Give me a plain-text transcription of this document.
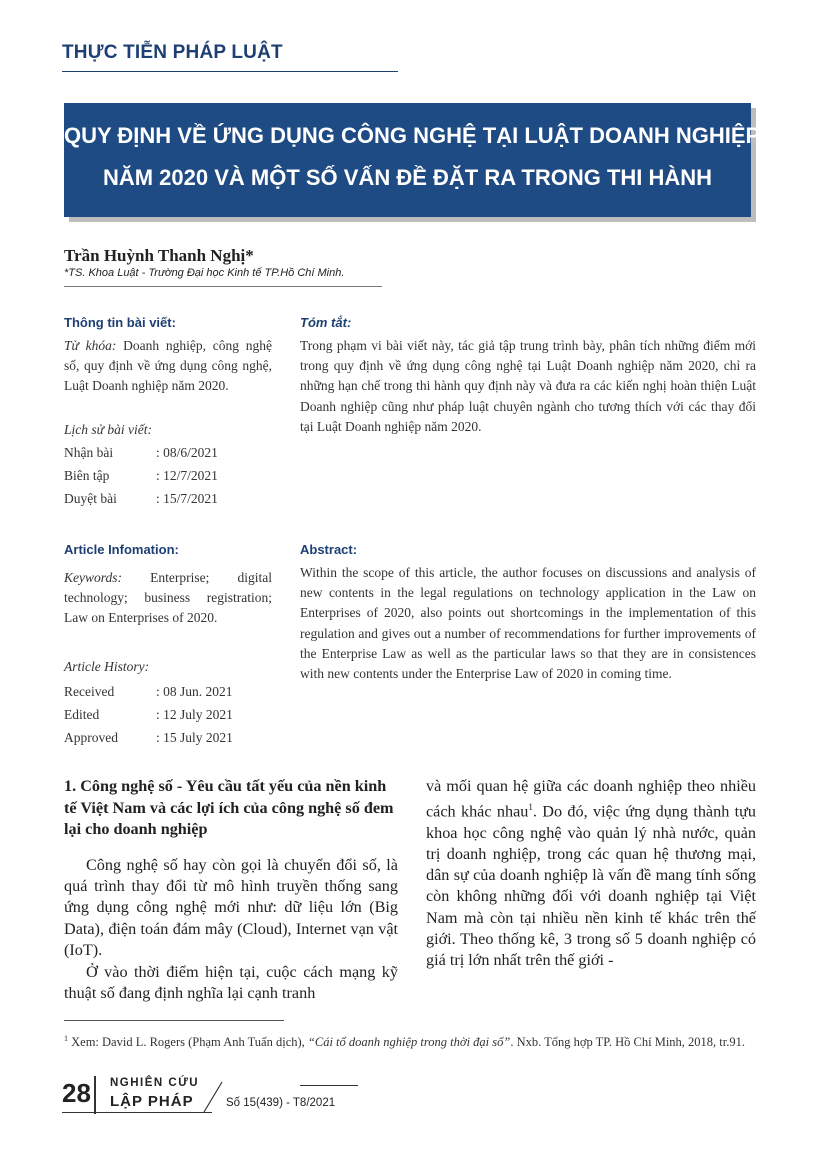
THỰC TIỄN PHÁP LUẬT
QUY ĐỊNH VỀ ỨNG DỤNG CÔNG NGHỆ TẠI LUẬT DOANH NGHIỆP
NĂM 2020 VÀ MỘT SỐ VẤN ĐỀ ĐẶT RA TRONG THI HÀNH
Trần Huỳnh Thanh Nghị*
*TS. Khoa Luật - Trường Đại học Kinh tế TP.Hồ Chí Minh.
Thông tin bài viết:
Từ khóa: Doanh nghiệp, công nghệ số, quy định về ứng dụng công nghệ, Luật Doanh nghiệp năm 2020.
Lịch sử bài viết:
Nhận bài	: 08/6/2021
Biên tập	: 12/7/2021
Duyệt bài	: 15/7/2021
Tóm tắt:
Trong phạm vi bài viết này, tác giả tập trung trình bày, phân tích những điểm mới trong quy định về ứng dụng công nghệ tại Luật Doanh nghiệp năm 2020, chỉ ra những hạn chế trong thi hành quy định này và đưa ra các kiến nghị hoàn thiện Luật Doanh nghiệp cũng như pháp luật chuyên ngành cho tương thích với các thay đổi tại Luật Doanh nghiệp năm 2020.
Article Infomation:
Keywords: Enterprise; digital technology; business registration; Law on Enterprises of 2020.
Article History:
Received	: 08 Jun. 2021
Edited	: 12 July 2021
Approved	: 15 July 2021
Abstract:
Within the scope of this article, the author focuses on discussions and analysis of new contents in the legal regulations on technology application in the Law on Enterprises of 2020, also points out shortcomings in the implementation of this regulation and gives out a number of recommendations for further improvements of the Enterprise Law as well as the particular laws so that they are in consistences with new contents under the Enterprise Law of 2020 in coming time.
1. Công nghệ số - Yêu cầu tất yếu của nền kinh tế Việt Nam và các lợi ích của công nghệ số đem lại cho doanh nghiệp
Công nghệ số hay còn gọi là chuyển đổi số, là quá trình thay đổi từ mô hình truyền thống sang ứng dụng công nghệ mới như: dữ liệu lớn (Big Data), điện toán đám mây (Cloud), Internet vạn vật (IoT).
Ở vào thời điểm hiện tại, cuộc cách mạng kỹ thuật số đang định nghĩa lại cạnh tranh
và mối quan hệ giữa các doanh nghiệp theo nhiều cách khác nhau$^1$. Do đó, việc ứng dụng thành tựu khoa học công nghệ vào quản lý nhà nước, quản trị doanh nghiệp, trong các quan hệ thương mại, dân sự của doanh nghiệp là vấn đề mang tính sống còn không những đối với doanh nghiệp tại Việt Nam mà còn tại nhiều nền kinh tế khác trên thế giới. Theo thống kê, 3 trong số 5 doanh nghiệp có giá trị lớn nhất trên thế giới -
$^1$ Xem: David L. Rogers (Phạm Anh Tuấn dịch), “Cái tổ doanh nghiệp trong thời đại số”. Nxb. Tổng hợp TP. Hồ Chí Minh, 2018, tr.91.
28 NGHIÊN CỨU
LẬP PHÁP	Số 15(439) - T8/2021
